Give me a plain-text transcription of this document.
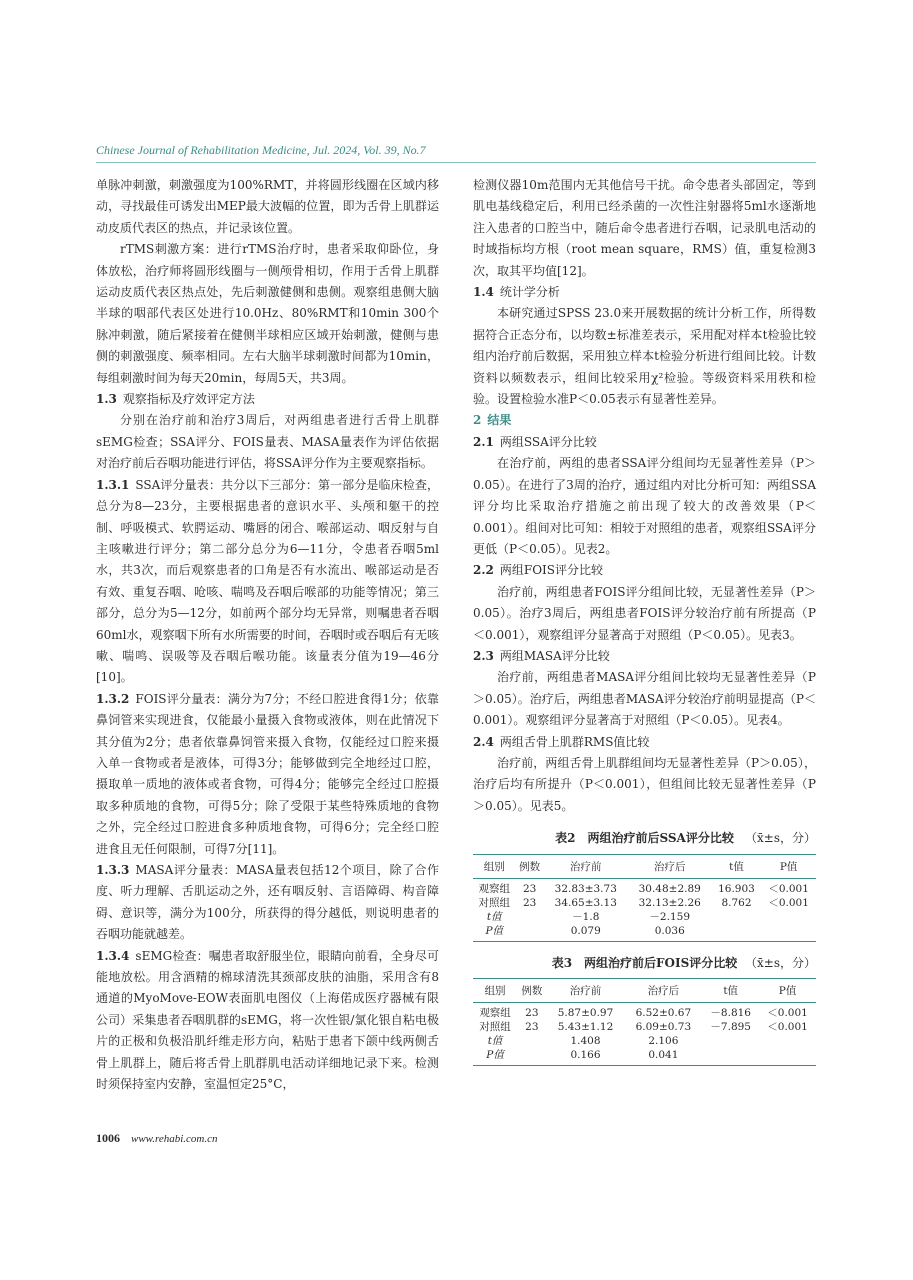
Chinese Journal of Rehabilitation Medicine, Jul. 2024, Vol. 39, No.7

单脉冲刺激，刺激强度为100%RMT，并将圆形线圈在区域内移动，寻找最佳可诱发出MEP最大波幅的位置，即为舌骨上肌群运动皮质代表区的热点，并记录该位置。

rTMS刺激方案：进行rTMS治疗时，患者采取仰卧位，身体放松，治疗师将圆形线圈与一侧颅骨相切，作用于舌骨上肌群运动皮质代表区热点处，先后刺激健侧和患侧。观察组患侧大脑半球的咽部代表区处进行10.0Hz、80%RMT和10min 300个脉冲刺激，随后紧接着在健侧半球相应区域开始刺激，健侧与患侧的刺激强度、频率相同。左右大脑半球刺激时间都为10min，每组刺激时间为每天20min，每周5天，共3周。

1.3 观察指标及疗效评定方法

分别在治疗前和治疗3周后，对两组患者进行舌骨上肌群sEMG检查；SSA评分、FOIS量表、MASA量表作为评估依据对治疗前后吞咽功能进行评估，将SSA评分作为主要观察指标。

1.3.1 SSA评分量表：共分以下三部分：第一部分是临床检查，总分为8—23分，主要根据患者的意识水平、头颅和躯干的控制、呼吸模式、软腭运动、嘴唇的闭合、喉部运动、咽反射与自主咳嗽进行评分；第二部分总分为6—11分，令患者吞咽5ml水，共3次，而后观察患者的口角是否有水流出、喉部运动是否有效、重复吞咽、呛咳、喘鸣及吞咽后喉部的功能等情况；第三部分，总分为5—12分，如前两个部分均无异常，则嘱患者吞咽60ml水，观察咽下所有水所需要的时间，吞咽时或吞咽后有无咳嗽、喘鸣、误吸等及吞咽后喉功能。该量表分值为19—46分[10]。

1.3.2 FOIS评分量表：满分为7分；不经口腔进食得1分；依靠鼻饲管来实现进食，仅能最小量摄入食物或液体，则在此情况下其分值为2分；患者依靠鼻饲管来摄入食物，仅能经过口腔来摄入单一食物或者是液体，可得3分；能够做到完全地经过口腔，摄取单一质地的液体或者食物，可得4分；能够完全经过口腔摄取多种质地的食物，可得5分；除了受限于某些特殊质地的食物之外，完全经过口腔进食多种质地食物，可得6分；完全经口腔进食且无任何限制，可得7分[11]。

1.3.3 MASA评分量表：MASA量表包括12个项目，除了合作度、听力理解、舌肌运动之外，还有咽反射、言语障碍、构音障碍、意识等，满分为100分，所获得的得分越低，则说明患者的吞咽功能就越差。

1.3.4 sEMG检查：嘱患者取舒服坐位，眼睛向前看，全身尽可能地放松。用含酒精的棉球清洗其颈部皮肤的油脂，采用含有8通道的MyoMove-EOW表面肌电图仪（上海偌成医疗器械有限公司）采集患者吞咽肌群的sEMG，将一次性银/氯化银自粘电极片的正极和负极沿肌纤维走形方向，粘贴于患者下颌中线两侧舌骨上肌群上，随后将舌骨上肌群肌电活动详细地记录下来。检测时须保持室内安静，室温恒定25°C，

检测仪器10m范围内无其他信号干扰。命令患者头部固定，等到肌电基线稳定后，利用已经杀菌的一次性注射器将5ml水逐渐地注入患者的口腔当中，随后命令患者进行吞咽，记录肌电活动的时域指标均方根（root mean square，RMS）值，重复检测3次，取其平均值[12]。

1.4 统计学分析

本研究通过SPSS 23.0来开展数据的统计分析工作，所得数据符合正态分布，以均数±标准差表示，采用配对样本t检验比较组内治疗前后数据，采用独立样本t检验分析进行组间比较。计数资料以频数表示，组间比较采用χ²检验。等级资料采用秩和检验。设置检验水准P＜0.05表示有显著性差异。

2 结果

2.1 两组SSA评分比较

在治疗前，两组的患者SSA评分组间均无显著性差异（P＞0.05）。在进行了3周的治疗，通过组内对比分析可知：两组SSA评分均比采取治疗措施之前出现了较大的改善效果（P＜0.001）。组间对比可知：相较于对照组的患者，观察组SSA评分更低（P＜0.05）。见表2。

2.2 两组FOIS评分比较

治疗前，两组患者FOIS评分组间比较，无显著性差异（P＞0.05）。治疗3周后，两组患者FOIS评分较治疗前有所提高（P＜0.001），观察组评分显著高于对照组（P＜0.05）。见表3。

2.3 两组MASA评分比较

治疗前，两组患者MASA评分组间比较均无显著性差异（P＞0.05）。治疗后，两组患者MASA评分较治疗前明显提高（P＜0.001）。观察组评分显著高于对照组（P＜0.05）。见表4。

2.4 两组舌骨上肌群RMS值比较

治疗前，两组舌骨上肌群组间均无显著性差异（P＞0.05），治疗后均有所提升（P＜0.001），但组间比较无显著性差异（P＞0.05）。见表5。

表2　两组治疗前后SSA评分比较 （x̄±s，分）
组别	例数	治疗前	治疗后	t值	P值
观察组	23	32.83±3.73	30.48±2.89	16.903	＜0.001
对照组	23	34.65±3.13	32.13±2.26	8.762	＜0.001
t值		－1.8	－2.159		
P值		0.079	0.036		
表3　两组治疗前后FOIS评分比较 （x̄±s，分）
组别	例数	治疗前	治疗后	t值	P值
观察组	23	5.87±0.97	6.52±0.67	－8.816	＜0.001
对照组	23	5.43±1.12	6.09±0.73	－7.895	＜0.001
t值		1.408	2.106		
P值		0.166	0.041		
1006 www.rehabi.com.cn
